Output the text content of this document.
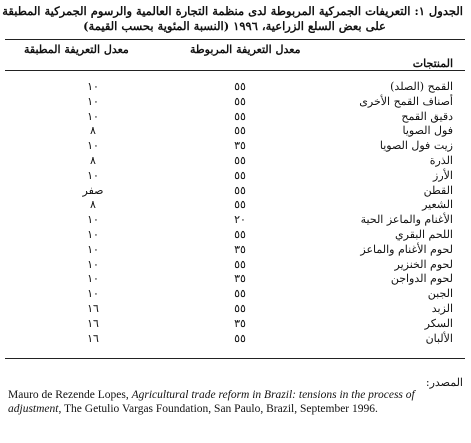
الجدول ١: التعريفات الجمركية المربوطة لدى منظمة التجارة العالمية والرسوم الجمركية المطبقة
على بعض السلع الزراعية، ١٩٩٦ (النسبة المئوية بحسب القيمة)
معدل التعريفة المطبقة	معدل التعريفة المربوطة
المنتجات
١٠	٥٥	القمح (الصلد)
١٠	٥٥	أصناف القمح الأخرى
١٠	٥٥	دقيق القمح
٨	٥٥	فول الصويا
١٠	٣٥	زيت فول الصويا
٨	٥٥	الذرة
١٠	٥٥	الأرز
صفر	٥٥	القطن
٨	٥٥	الشعير
١٠	٢٠	الأغنام والماعز الحية
١٠	٥٥	اللحم البقري
١٠	٣٥	لحوم الأغنام والماعز
١٠	٥٥	لحوم الخنزير
١٠	٣٥	لحوم الدواجن
١٠	٥٥	الجبن
١٦	٥٥	الزبد
١٦	٣٥	السكر
١٦	٥٥	الألبان
المصدر:
Mauro de Rezende Lopes, Agricultural trade reform in Brazil: tensions in the process of adjustment, The Getulio Vargas Foundation, San Paulo, Brazil, September 1996.
